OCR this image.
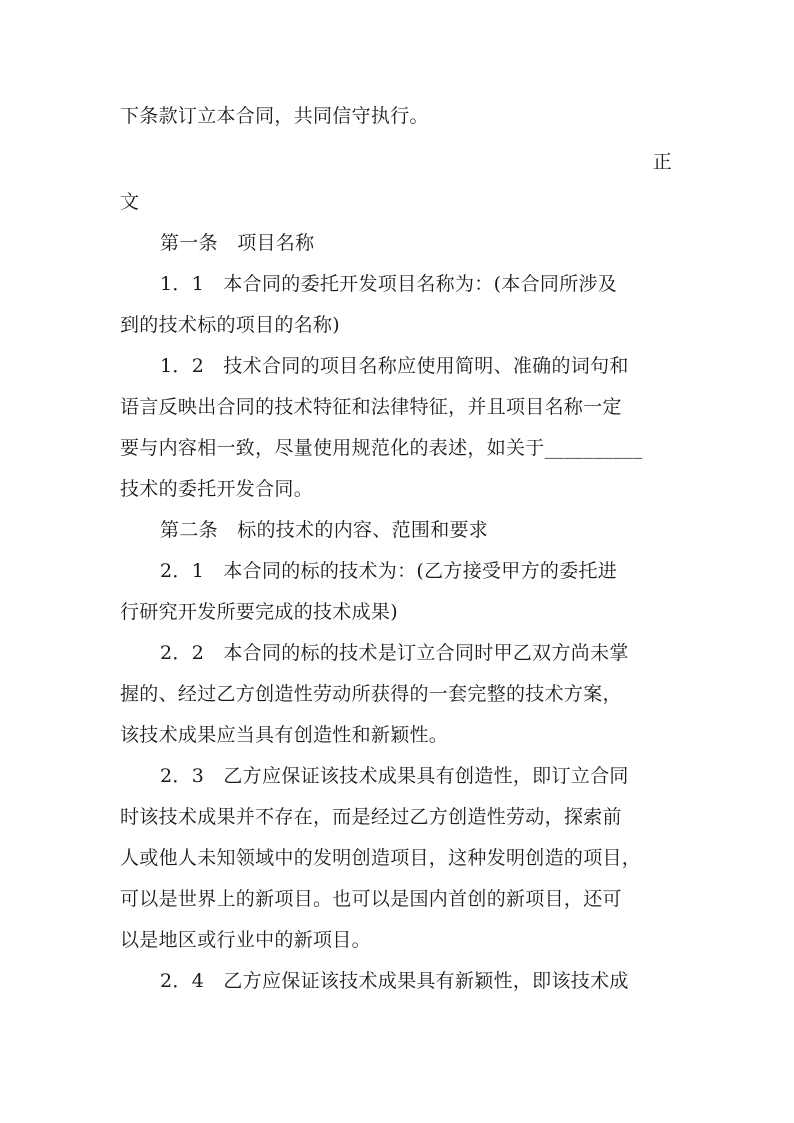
下条款订立本合同，共同信守执行。
正
文
第一条　项目名称
1．1　本合同的委托开发项目名称为：(本合同所涉及
到的技术标的项目的名称)
1．2　技术合同的项目名称应使用简明、准确的词句和
语言反映出合同的技术特征和法律特征，并且项目名称一定
要与内容相一致，尽量使用规范化的表述，如关于__________
技术的委托开发合同。
第二条　标的技术的内容、范围和要求
2．1　本合同的标的技术为：(乙方接受甲方的委托进
行研究开发所要完成的技术成果)
2．2　本合同的标的技术是订立合同时甲乙双方尚未掌
握的、经过乙方创造性劳动所获得的一套完整的技术方案，
该技术成果应当具有创造性和新颖性。
2．3　乙方应保证该技术成果具有创造性，即订立合同
时该技术成果并不存在，而是经过乙方创造性劳动，探索前
人或他人未知领域中的发明创造项目，这种发明创造的项目，
可以是世界上的新项目。也可以是国内首创的新项目，还可
以是地区或行业中的新项目。
2．4　乙方应保证该技术成果具有新颖性，即该技术成
